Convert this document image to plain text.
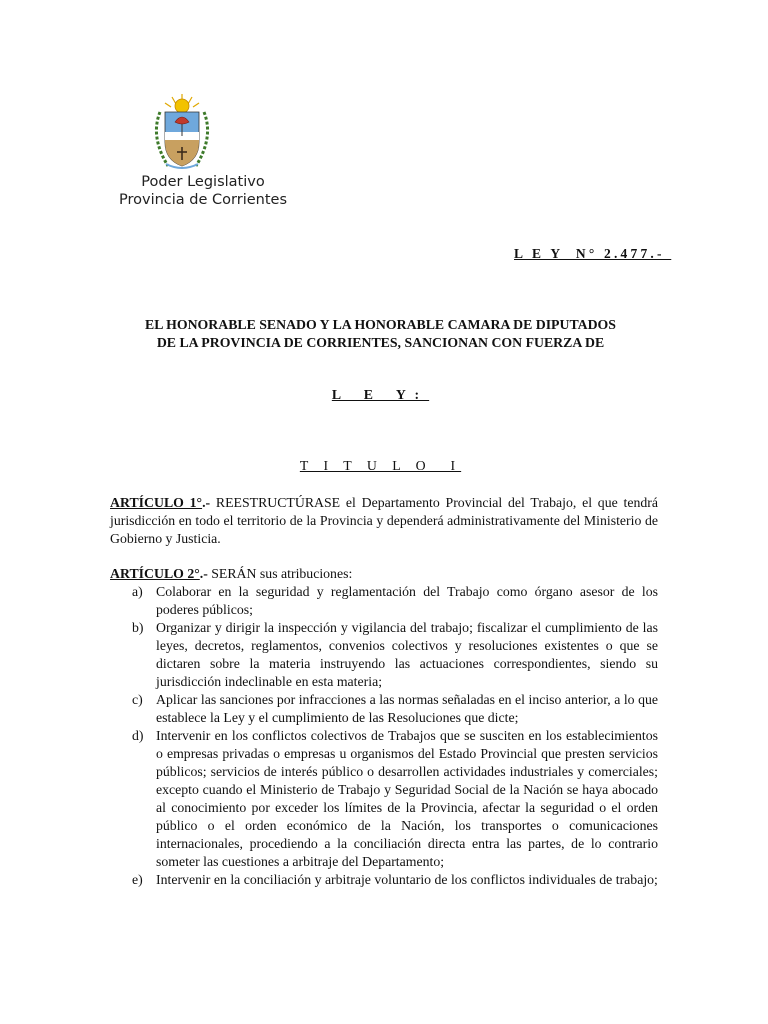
Poder Legislativo
Provincia de Corrientes
L E Y  N° 2.477.-
EL HONORABLE SENADO Y LA HONORABLE CAMARA DE DIPUTADOS
DE LA PROVINCIA DE CORRIENTES, SANCIONAN CON FUERZA DE
L E Y:
T I T U L O  I
ARTÍCULO 1°.- REESTRUCTÚRASE el Departamento Provincial del Trabajo, el que tendrá jurisdicción en todo el territorio de la Provincia y dependerá administrativamente del Ministerio de Gobierno y Justicia.
ARTÍCULO 2°.- SERÁN sus atribuciones:
a) Colaborar en la seguridad y reglamentación del Trabajo como órgano asesor de los poderes públicos;
b) Organizar y dirigir la inspección y vigilancia del trabajo; fiscalizar el cumplimiento de las leyes, decretos, reglamentos, convenios colectivos y resoluciones existentes o que se dictaren sobre la materia instruyendo las actuaciones correspondientes, siendo su jurisdicción indeclinable en esta materia;
c) Aplicar las sanciones por infracciones a las normas señaladas en el inciso anterior, a lo que establece la Ley y el cumplimiento de las Resoluciones que dicte;
d) Intervenir en los conflictos colectivos de Trabajos que se susciten en los establecimientos o empresas privadas o empresas u organismos del Estado Provincial que presten servicios públicos; servicios de interés público o desarrollen actividades industriales y comerciales; excepto cuando el Ministerio de Trabajo y Seguridad Social de la Nación se haya abocado al conocimiento por exceder los límites de la Provincia, afectar la seguridad o el orden público o el orden económico de la Nación, los transportes o comunicaciones internacionales, procediendo a la conciliación directa entra las partes, de lo contrario someter las cuestiones a arbitraje del Departamento;
e) Intervenir en la conciliación y arbitraje voluntario de los conflictos individuales de trabajo;
